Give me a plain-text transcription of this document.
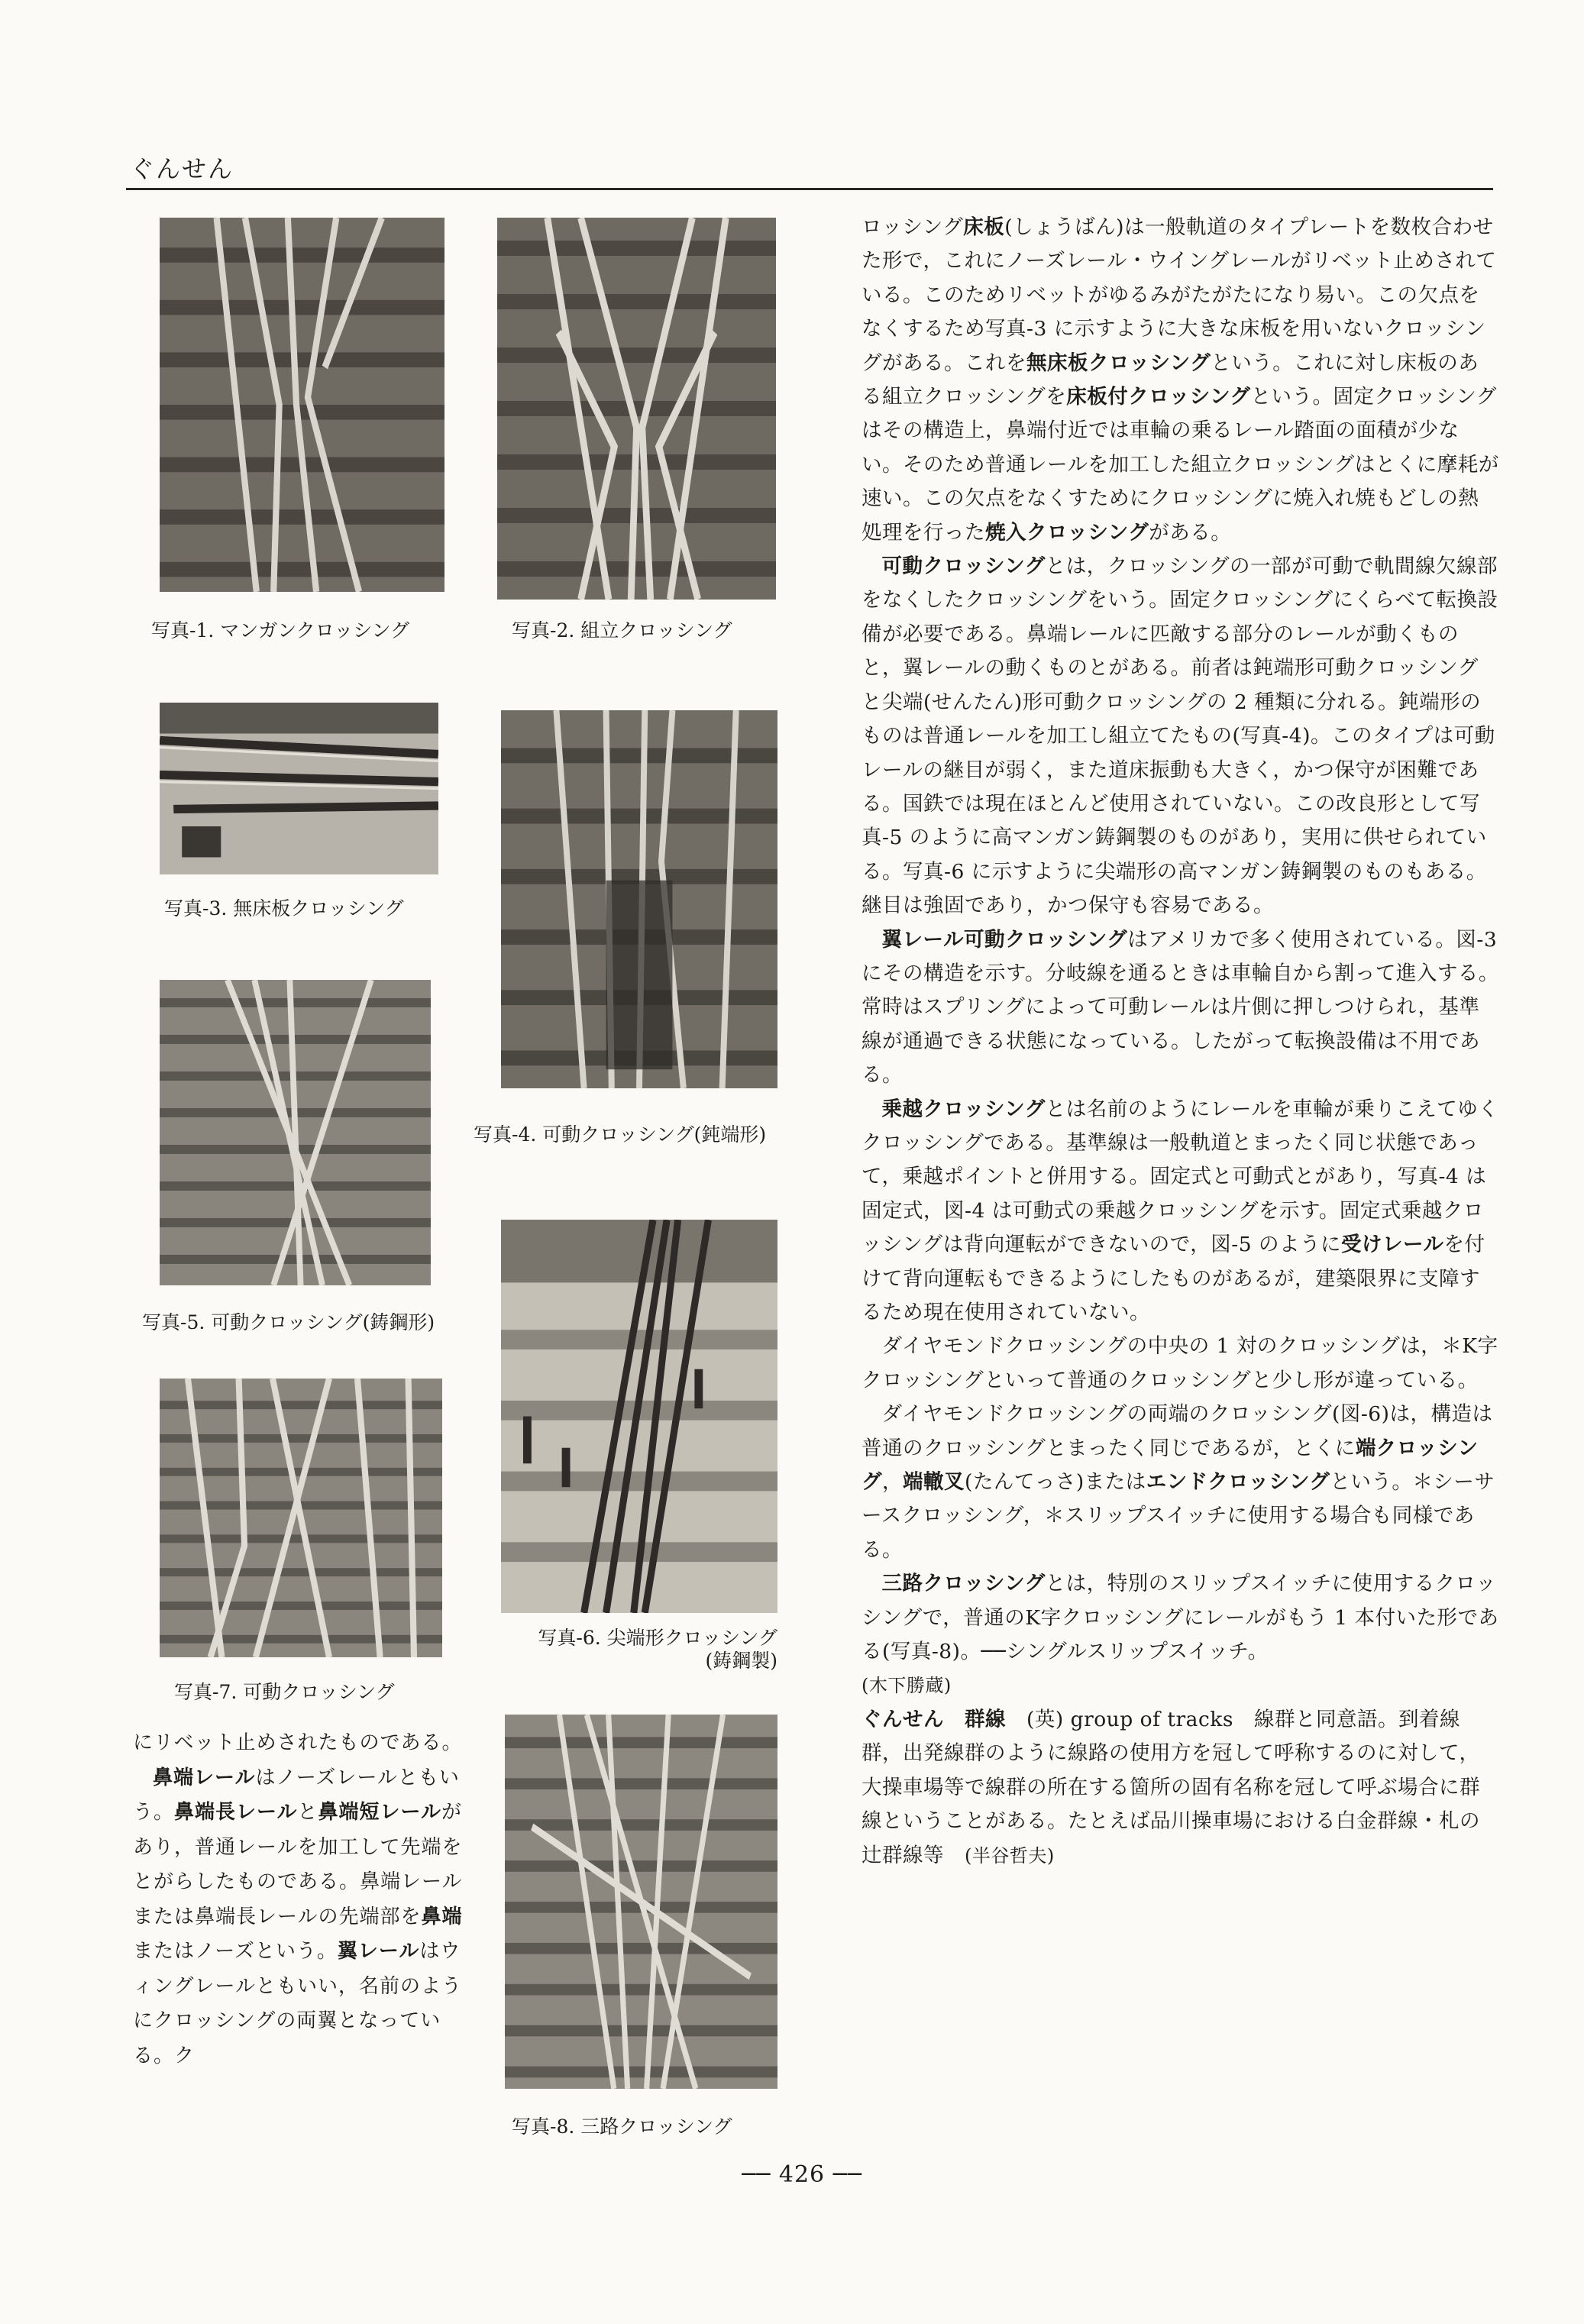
ぐんせん
写真-1. マンガンクロッシング	写真-2. 組立クロッシング
写真-3. 無床板クロッシング
写真-4. 可動クロッシング(鈍端形)
写真-5. 可動クロッシング(鋳鋼形)
写真-6. 尖端形クロッシング
(鋳鋼製)
写真-7. 可動クロッシング
写真-8. 三路クロッシング

にリベット止めされたものである。

鼻端レールはノーズレールともいう。鼻端長レールと鼻端短レールがあり，普通レールを加工して先端をとがらしたものである。鼻端レールまたは鼻端長レールの先端部を鼻端またはノーズという。翼レールはウィングレールともいい，名前のようにクロッシングの両翼となっている。ク

ロッシング床板(しょうばん)は一般軌道のタイプレートを数枚合わせた形で，これにノーズレール・ウイングレールがリベット止めされている。このためリベットがゆるみがたがたになり易い。この欠点をなくするため写真-3 に示すように大きな床板を用いないクロッシングがある。これを無床板クロッシングという。これに対し床板のある組立クロッシングを床板付クロッシングという。固定クロッシングはその構造上，鼻端付近では車輪の乗るレール踏面の面積が少ない。そのため普通レールを加工した組立クロッシングはとくに摩耗が速い。この欠点をなくすためにクロッシングに焼入れ焼もどしの熱処理を行った焼入クロッシングがある。

可動クロッシングとは，クロッシングの一部が可動で軌間線欠線部をなくしたクロッシングをいう。固定クロッシングにくらべて転換設備が必要である。鼻端レールに匹敵する部分のレールが動くものと，翼レールの動くものとがある。前者は鈍端形可動クロッシングと尖端(せんたん)形可動クロッシングの 2 種類に分れる。鈍端形のものは普通レールを加工し組立てたもの(写真-4)。このタイプは可動レールの継目が弱く，また道床振動も大きく，かつ保守が困難である。国鉄では現在ほとんど使用されていない。この改良形として写真-5 のように高マンガン鋳鋼製のものがあり，実用に供せられている。写真-6 に示すように尖端形の高マンガン鋳鋼製のものもある。継目は強固であり，かつ保守も容易である。

翼レール可動クロッシングはアメリカで多く使用されている。図-3 にその構造を示す。分岐線を通るときは車輪自から割って進入する。常時はスプリングによって可動レールは片側に押しつけられ，基準線が通過できる状態になっている。したがって転換設備は不用である。

乗越クロッシングとは名前のようにレールを車輪が乗りこえてゆくクロッシングである。基準線は一般軌道とまったく同じ状態であって，乗越ポイントと併用する。固定式と可動式とがあり，写真-4 は固定式，図-4 は可動式の乗越クロッシングを示す。固定式乗越クロッシングは背向運転ができないので，図-5 のように受けレールを付けて背向運転もできるようにしたものがあるが，建築限界に支障するため現在使用されていない。

ダイヤモンドクロッシングの中央の 1 対のクロッシングは，＊K字クロッシングといって普通のクロッシングと少し形が違っている。

ダイヤモンドクロッシングの両端のクロッシング(図-6)は，構造は普通のクロッシングとまったく同じであるが，とくに端クロッシング，端轍叉(たんてっさ)またはエンドクロッシングという。＊シーサースクロッシング，＊スリップスイッチに使用する場合も同様である。

三路クロッシングとは，特別のスリップスイッチに使用するクロッシングで，普通のK字クロッシングにレールがもう 1 本付いた形である(写真-8)。──シングルスリップスイッチ。
(木下勝蔵)

ぐんせん　群線　(英) group of tracks　線群と同意語。到着線群，出発線群のように線路の使用方を冠して呼称するのに対して，大操車場等で線群の所在する箇所の固有名称を冠して呼ぶ場合に群線ということがある。たとえば品川操車場における白金群線・札の辻群線等　 (半谷哲夫)

── 426 ──
